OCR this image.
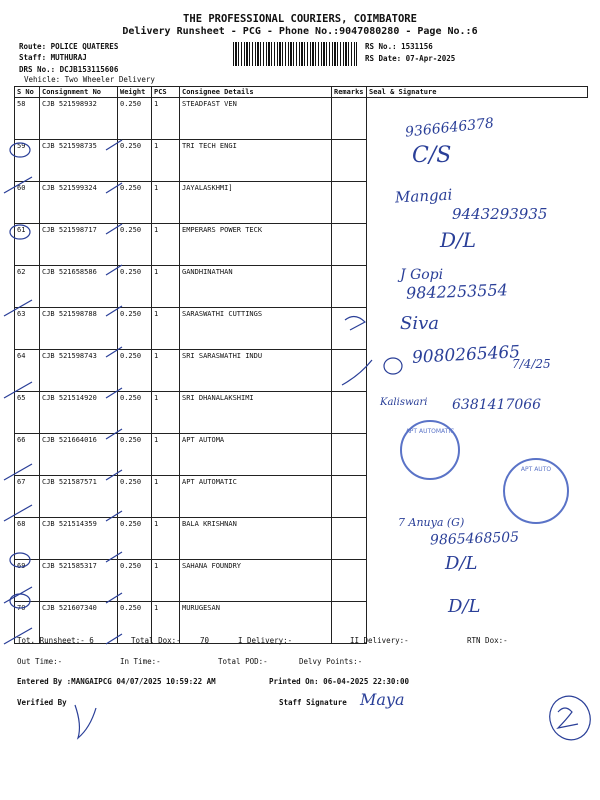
THE PROFESSIONAL COURIERS, COIMBATORE
Delivery Runsheet - PCG - Phone No.:9047080280 - Page No.:6
Route: POLICE QUATERES
Staff: MUTHURAJ
DRS No.: DCJB153115606
Vehicle: Two Wheeler Delivery
RS No.: 1531156
RS Date: 07-Apr-2025
S No	Consignment No	Weight	PCS	Consignee Details	Remarks	Seal & Signature
58	CJB 521598932	0.250	1	STEADFAST VEN		
59	CJB 521598735	0.250	1	TRI TECH ENGI		
60	CJB 521599324	0.250	1	JAYALASKHMI]		
61	CJB 521598717	0.250	1	EMPERARS POWER TECK		
62	CJB 521658586	0.250	1	GANDHINATHAN		
63	CJB 521598788	0.250	1	SARASWATHI CUTTINGS		
64	CJB 521598743	0.250	1	SRI SARASWATHI INDU		
65	CJB 521514920	0.250	1	SRI DHANALAKSHIMI		
66	CJB 521664016	0.250	1	APT AUTOMA		
67	CJB 521587571	0.250	1	APT AUTOMATIC		
68	CJB 521514359	0.250	1	BALA KRISHNAN		
69	CJB 521585317	0.250	1	SAHANA FOUNDRY		
70	CJB 521607340	0.250	1	MURUGESAN		
9366646378
C/S
Mangai
9443293935
D/L
J Gopi
9842253554
Siva
9080265465
7/4/25
Kaliswari 6381417066
7 Anuya (G)
9865468505
D/L
D/L
APT AUTOMATIC
APT AUTO
Tot. Runsheet:- 6	Total Dox:-	70	I Delivery:-	II Delivery:-	RTN Dox:-
Out Time:-	In Time:-	Total POD:-	Delvy Points:-
Entered By :MANGAIPCG 04/07/2025 10:59:22 AM	Printed On: 06-04-2025 22:30:00
Verified By	Staff Signature Maya
